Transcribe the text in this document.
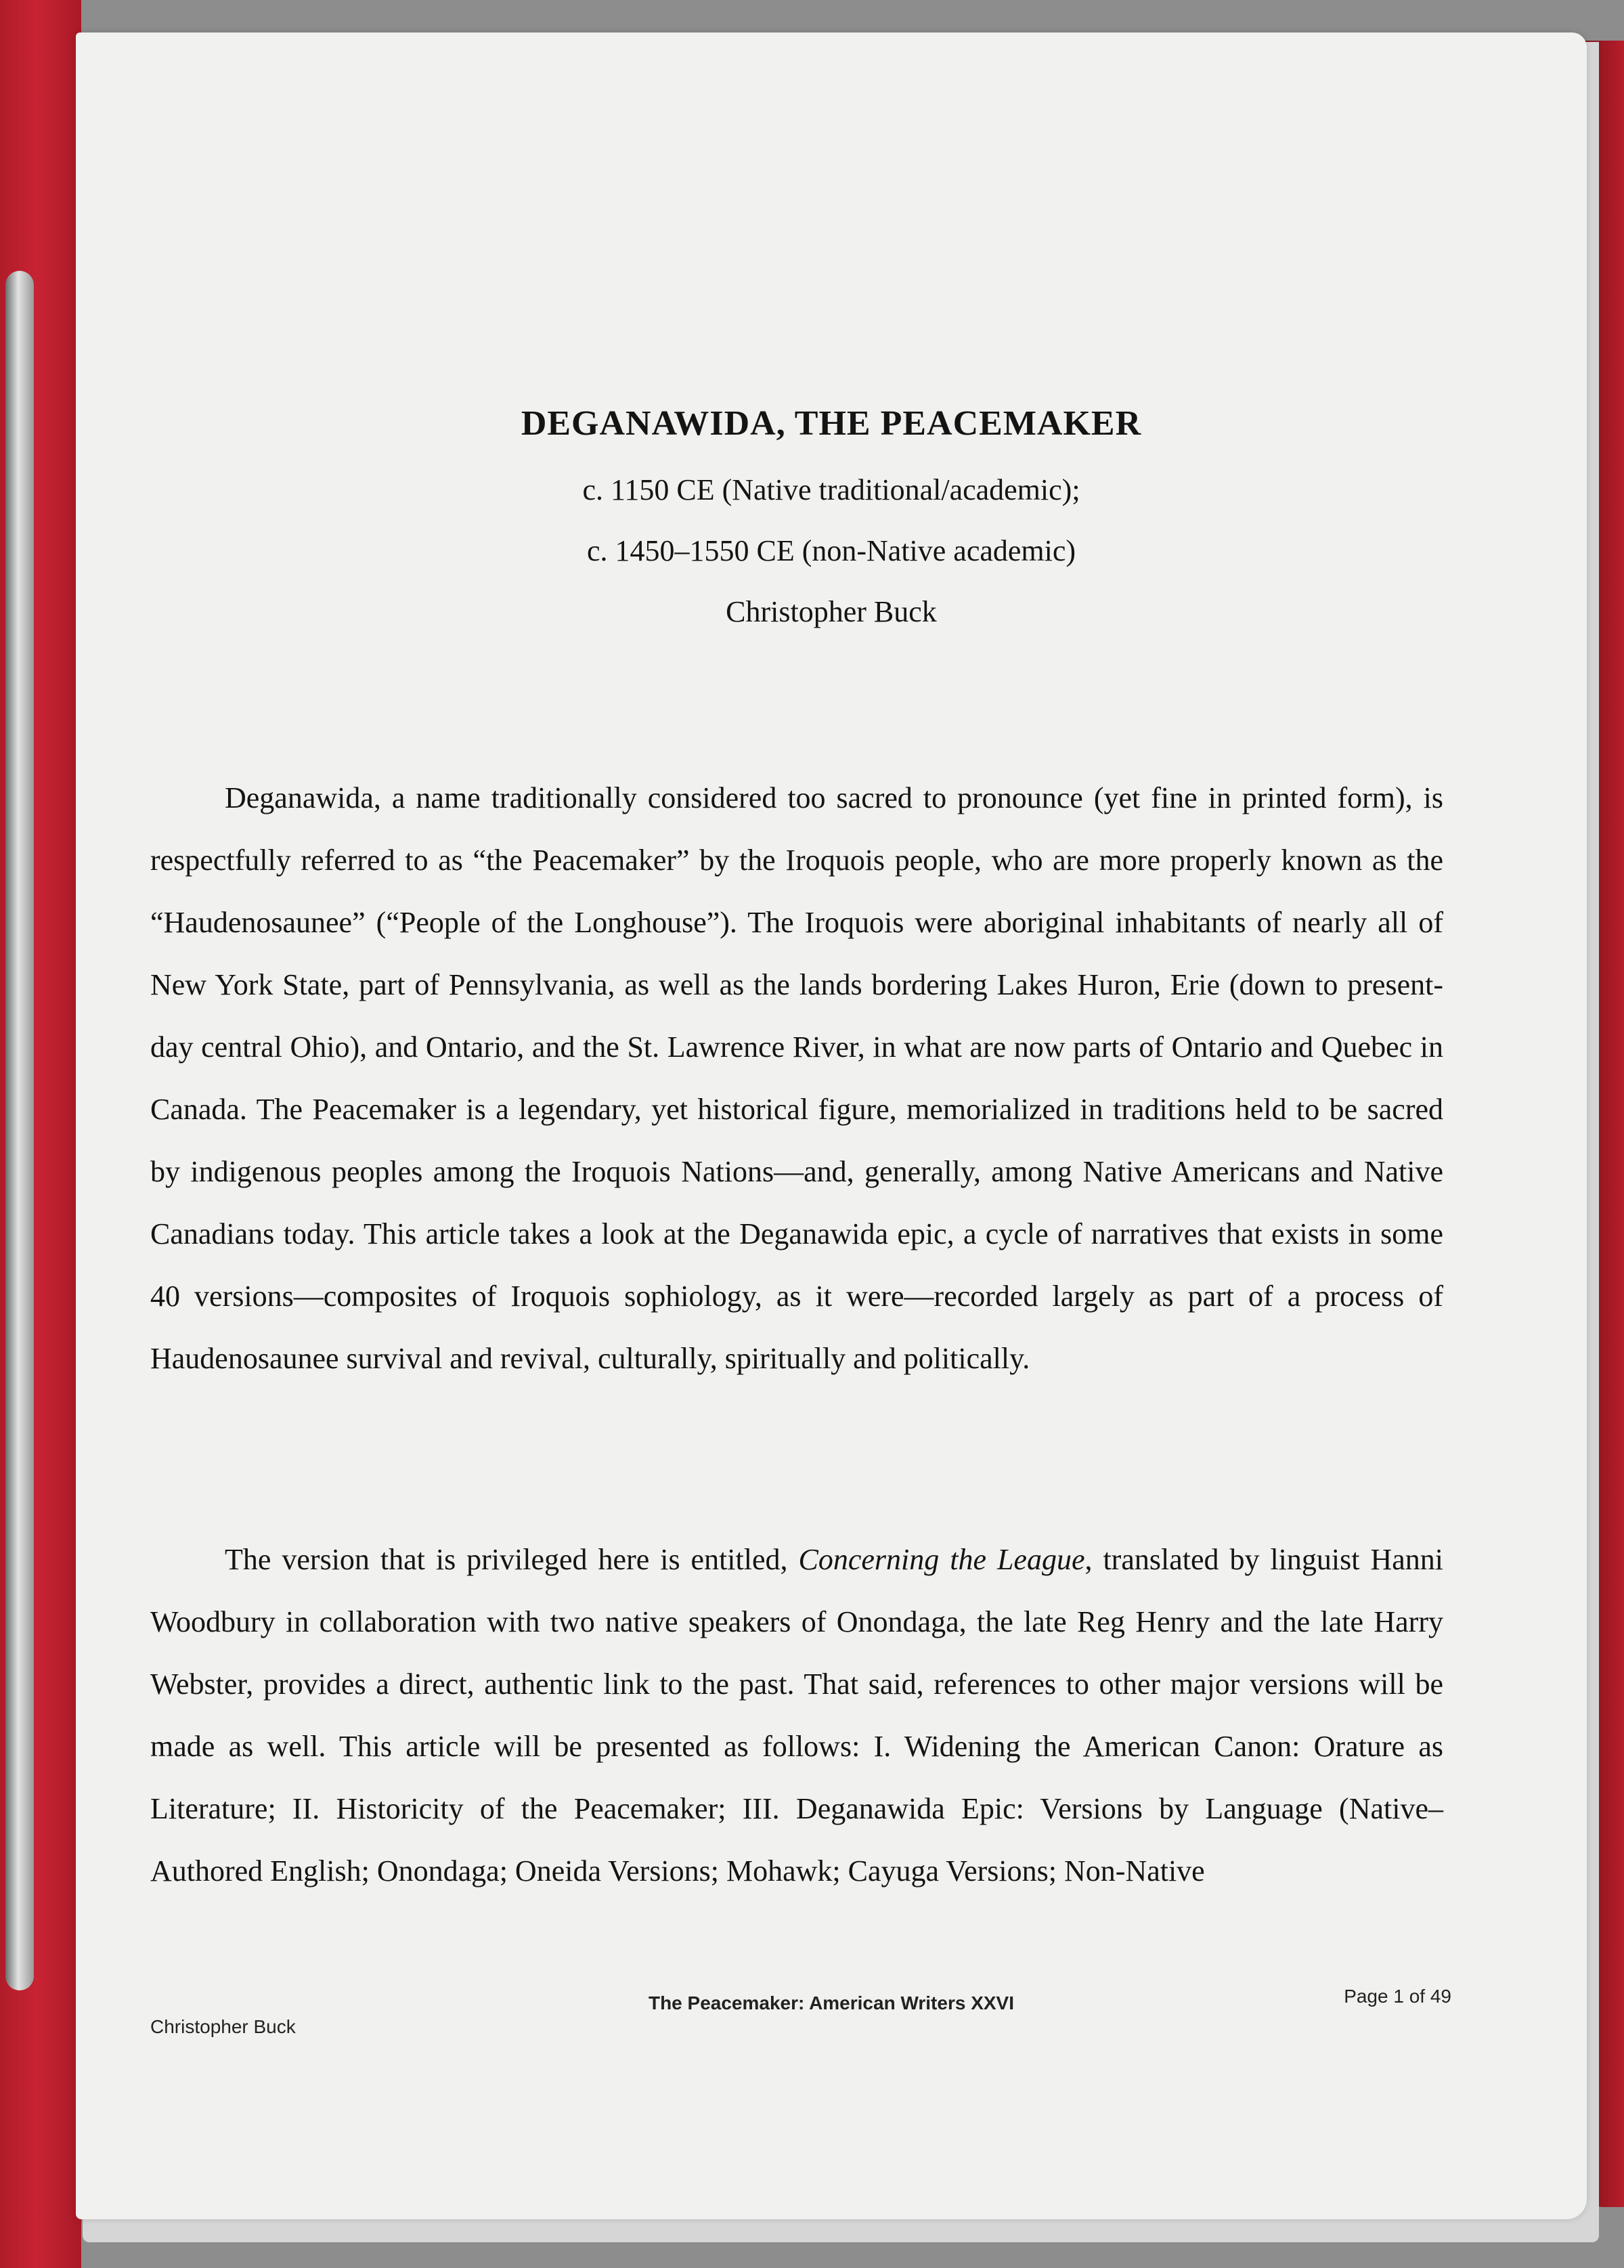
DEGANAWIDA, THE PEACEMAKER
c. 1150 CE (Native traditional/academic);
c. 1450–1550 CE (non-Native academic)
Christopher Buck

Deganawida, a name traditionally considered too sacred to pronounce (yet fine in printed form), is respectfully referred to as “the Peacemaker” by the Iroquois people, who are more properly known as the “Haudenosaunee” (“People of the Longhouse”). The Iroquois were aboriginal inhabitants of nearly all of New York State, part of Pennsylvania, as well as the lands bordering Lakes Huron, Erie (down to present-day central Ohio), and Ontario, and the St. Lawrence River, in what are now parts of Ontario and Quebec in Canada. The Peacemaker is a legendary, yet historical figure, memorialized in traditions held to be sacred by indigenous peoples among the Iroquois Nations—and, generally, among Native Americans and Native Canadians today. This article takes a look at the Deganawida epic, a cycle of narratives that exists in some 40 versions—composites of Iroquois sophiology, as it were—recorded largely as part of a process of Haudenosaunee survival and revival, culturally, spiritually and politically.

The version that is privileged here is entitled, Concerning the League, translated by linguist Hanni Woodbury in collaboration with two native speakers of Onondaga, the late Reg Henry and the late Harry Webster, provides a direct, authentic link to the past. That said, references to other major versions will be made as well. This article will be presented as follows: I. Widening the American Canon: Orature as Literature; II. Historicity of the Peacemaker; III. Deganawida Epic: Versions by Language (Native–Authored English; Onondaga; Oneida Versions; Mohawk; Cayuga Versions; Non-Native

Christopher Buck
The Peacemaker: American Writers XXVI	Page 1 of 49
